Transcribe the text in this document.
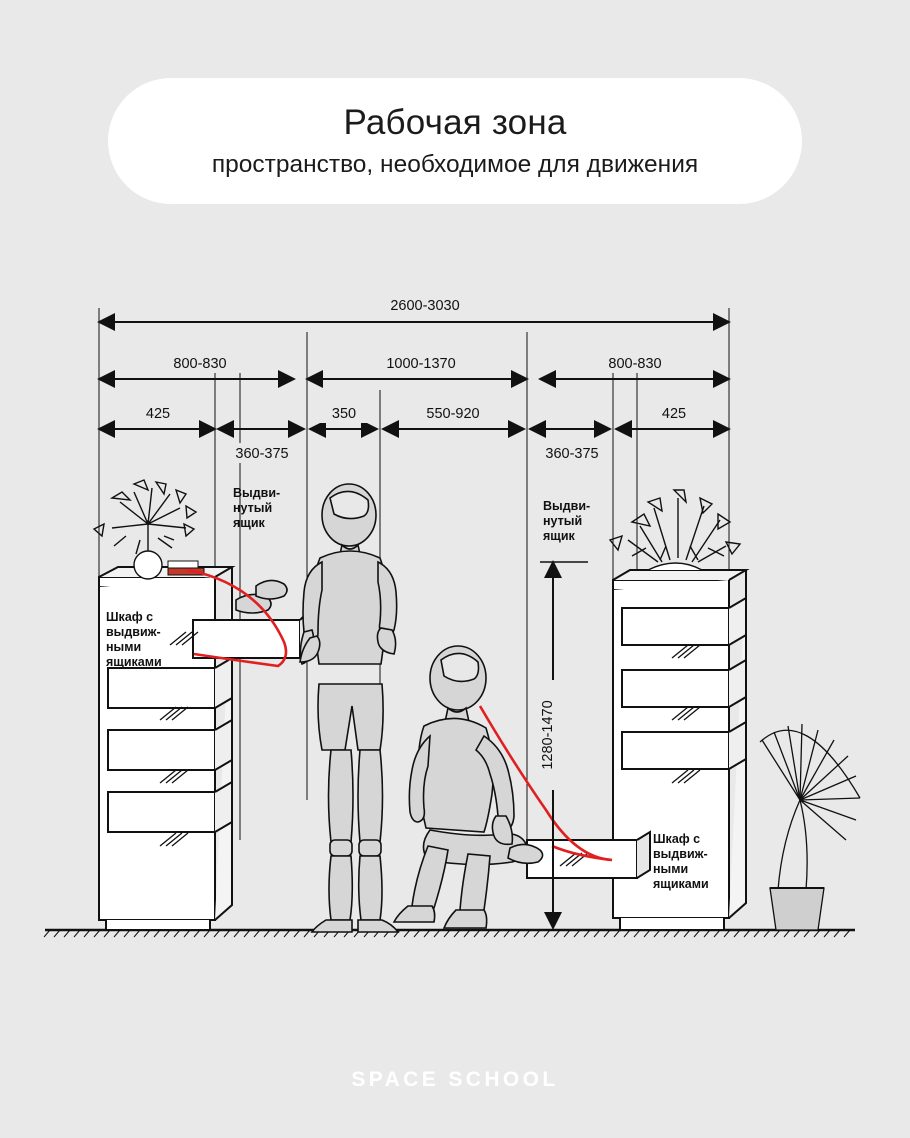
Рабочая зона
пространство, необходимое для движения
2600-3030
800-830	1000-1370	800-830
425	350	550-920	425
360-375	360-375
1280-1470
Выдви-
нутый
ящик
Выдви-
нутый
ящик
Шкаф с
выдвиж-
ными
ящиками
Шкаф с
выдвиж-
ными
ящиками
SPACE SCHOOL
